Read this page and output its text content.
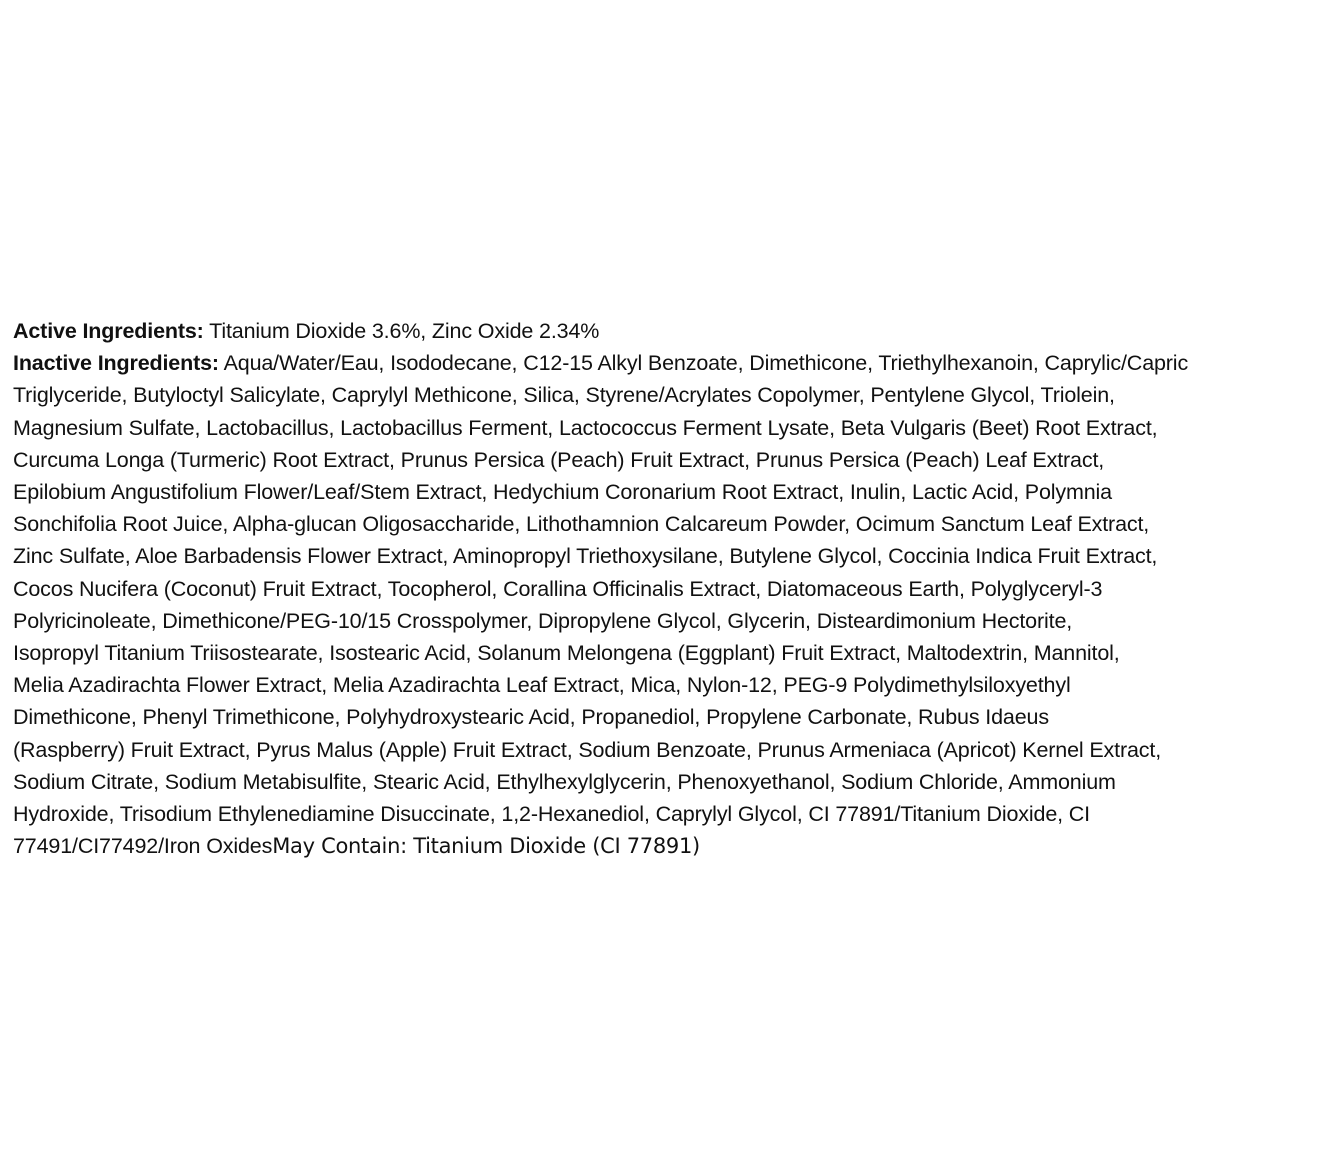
Active Ingredients: Titanium Dioxide 3.6%, Zinc Oxide 2.34%
Inactive Ingredients: Aqua/Water/Eau, Isododecane, C12-15 Alkyl Benzoate, Dimethicone, Triethylhexanoin, Caprylic/Capric
Triglyceride, Butyloctyl Salicylate, Caprylyl Methicone, Silica, Styrene/Acrylates Copolymer, Pentylene Glycol, Triolein,
Magnesium Sulfate, Lactobacillus, Lactobacillus Ferment, Lactococcus Ferment Lysate, Beta Vulgaris (Beet) Root Extract,
Curcuma Longa (Turmeric) Root Extract, Prunus Persica (Peach) Fruit Extract, Prunus Persica (Peach) Leaf Extract,
Epilobium Angustifolium Flower/Leaf/Stem Extract, Hedychium Coronarium Root Extract, Inulin, Lactic Acid, Polymnia
Sonchifolia Root Juice, Alpha-glucan Oligosaccharide, Lithothamnion Calcareum Powder, Ocimum Sanctum Leaf Extract,
Zinc Sulfate, Aloe Barbadensis Flower Extract, Aminopropyl Triethoxysilane, Butylene Glycol, Coccinia Indica Fruit Extract,
Cocos Nucifera (Coconut) Fruit Extract, Tocopherol, Corallina Officinalis Extract, Diatomaceous Earth, Polyglyceryl-3
Polyricinoleate, Dimethicone/PEG-10/15 Crosspolymer, Dipropylene Glycol, Glycerin, Disteardimonium Hectorite,
Isopropyl Titanium Triisostearate, Isostearic Acid, Solanum Melongena (Eggplant) Fruit Extract, Maltodextrin, Mannitol,
Melia Azadirachta Flower Extract, Melia Azadirachta Leaf Extract, Mica, Nylon-12, PEG-9 Polydimethylsiloxyethyl
Dimethicone, Phenyl Trimethicone, Polyhydroxystearic Acid, Propanediol, Propylene Carbonate, Rubus Idaeus
(Raspberry) Fruit Extract, Pyrus Malus (Apple) Fruit Extract, Sodium Benzoate, Prunus Armeniaca (Apricot) Kernel Extract,
Sodium Citrate, Sodium Metabisulfite, Stearic Acid, Ethylhexylglycerin, Phenoxyethanol, Sodium Chloride, Ammonium
Hydroxide, Trisodium Ethylenediamine Disuccinate, 1,2-Hexanediol, Caprylyl Glycol, CI 77891/Titanium Dioxide, CI
77491/CI77492/Iron OxidesMay Contain: Titanium Dioxide (CI 77891)
